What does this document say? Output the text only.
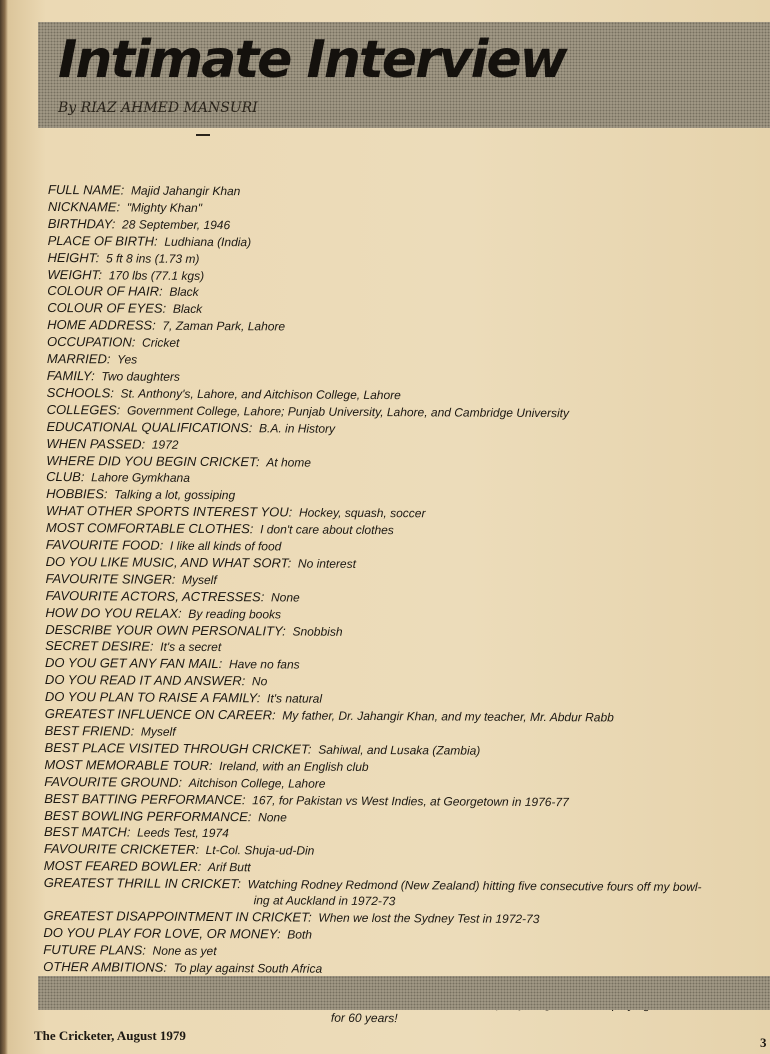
Intimate Interview
By RIAZ AHMED MANSURI
FULL NAME: Majid Jahangir Khan
NICKNAME: "Mighty Khan"
BIRTHDAY: 28 September, 1946
PLACE OF BIRTH: Ludhiana (India)
HEIGHT: 5 ft 8 ins (1.73 m)
WEIGHT: 170 lbs (77.1 kgs)
COLOUR OF HAIR: Black
COLOUR OF EYES: Black
HOME ADDRESS: 7, Zaman Park, Lahore
OCCUPATION: Cricket
MARRIED: Yes
FAMILY: Two daughters
SCHOOLS: St. Anthony's, Lahore, and Aitchison College, Lahore
COLLEGES: Government College, Lahore; Punjab University, Lahore, and Cambridge University
EDUCATIONAL QUALIFICATIONS: B.A. in History
WHEN PASSED: 1972
WHERE DID YOU BEGIN CRICKET: At home
CLUB: Lahore Gymkhana
HOBBIES: Talking a lot, gossiping
WHAT OTHER SPORTS INTEREST YOU: Hockey, squash, soccer
MOST COMFORTABLE CLOTHES: I don't care about clothes
FAVOURITE FOOD: I like all kinds of food
DO YOU LIKE MUSIC, AND WHAT SORT: No interest
FAVOURITE SINGER: Myself
FAVOURITE ACTORS, ACTRESSES: None
HOW DO YOU RELAX: By reading books
DESCRIBE YOUR OWN PERSONALITY: Snobbish
SECRET DESIRE: It's a secret
DO YOU GET ANY FAN MAIL: Have no fans
DO YOU READ IT AND ANSWER: No
DO YOU PLAN TO RAISE A FAMILY: It's natural
GREATEST INFLUENCE ON CAREER: My father, Dr. Jahangir Khan, and my teacher, Mr. Abdur Rabb
BEST FRIEND: Myself
BEST PLACE VISITED THROUGH CRICKET: Sahiwal, and Lusaka (Zambia)
MOST MEMORABLE TOUR: Ireland, with an English club
FAVOURITE GROUND: Aitchison College, Lahore
BEST BATTING PERFORMANCE: 167, for Pakistan vs West Indies, at Georgetown in 1976-77
BEST BOWLING PERFORMANCE: None
BEST MATCH: Leeds Test, 1974
FAVOURITE CRICKETER: Lt-Col. Shuja-ud-Din
MOST FEARED BOWLER: Arif Butt
GREATEST THRILL IN CRICKET: Watching Rodney Redmond (New Zealand) hitting five consecutive fours off my bowl-
ing at Auckland in 1972-73
GREATEST DISAPPOINTMENT IN CRICKET: When we lost the Sydney Test in 1972-73
DO YOU PLAY FOR LOVE, OR MONEY: Both
FUTURE PLANS: None as yet
OTHER AMBITIONS: To play against South Africa

for 60 years!
The Cricketer, August 1979	3
